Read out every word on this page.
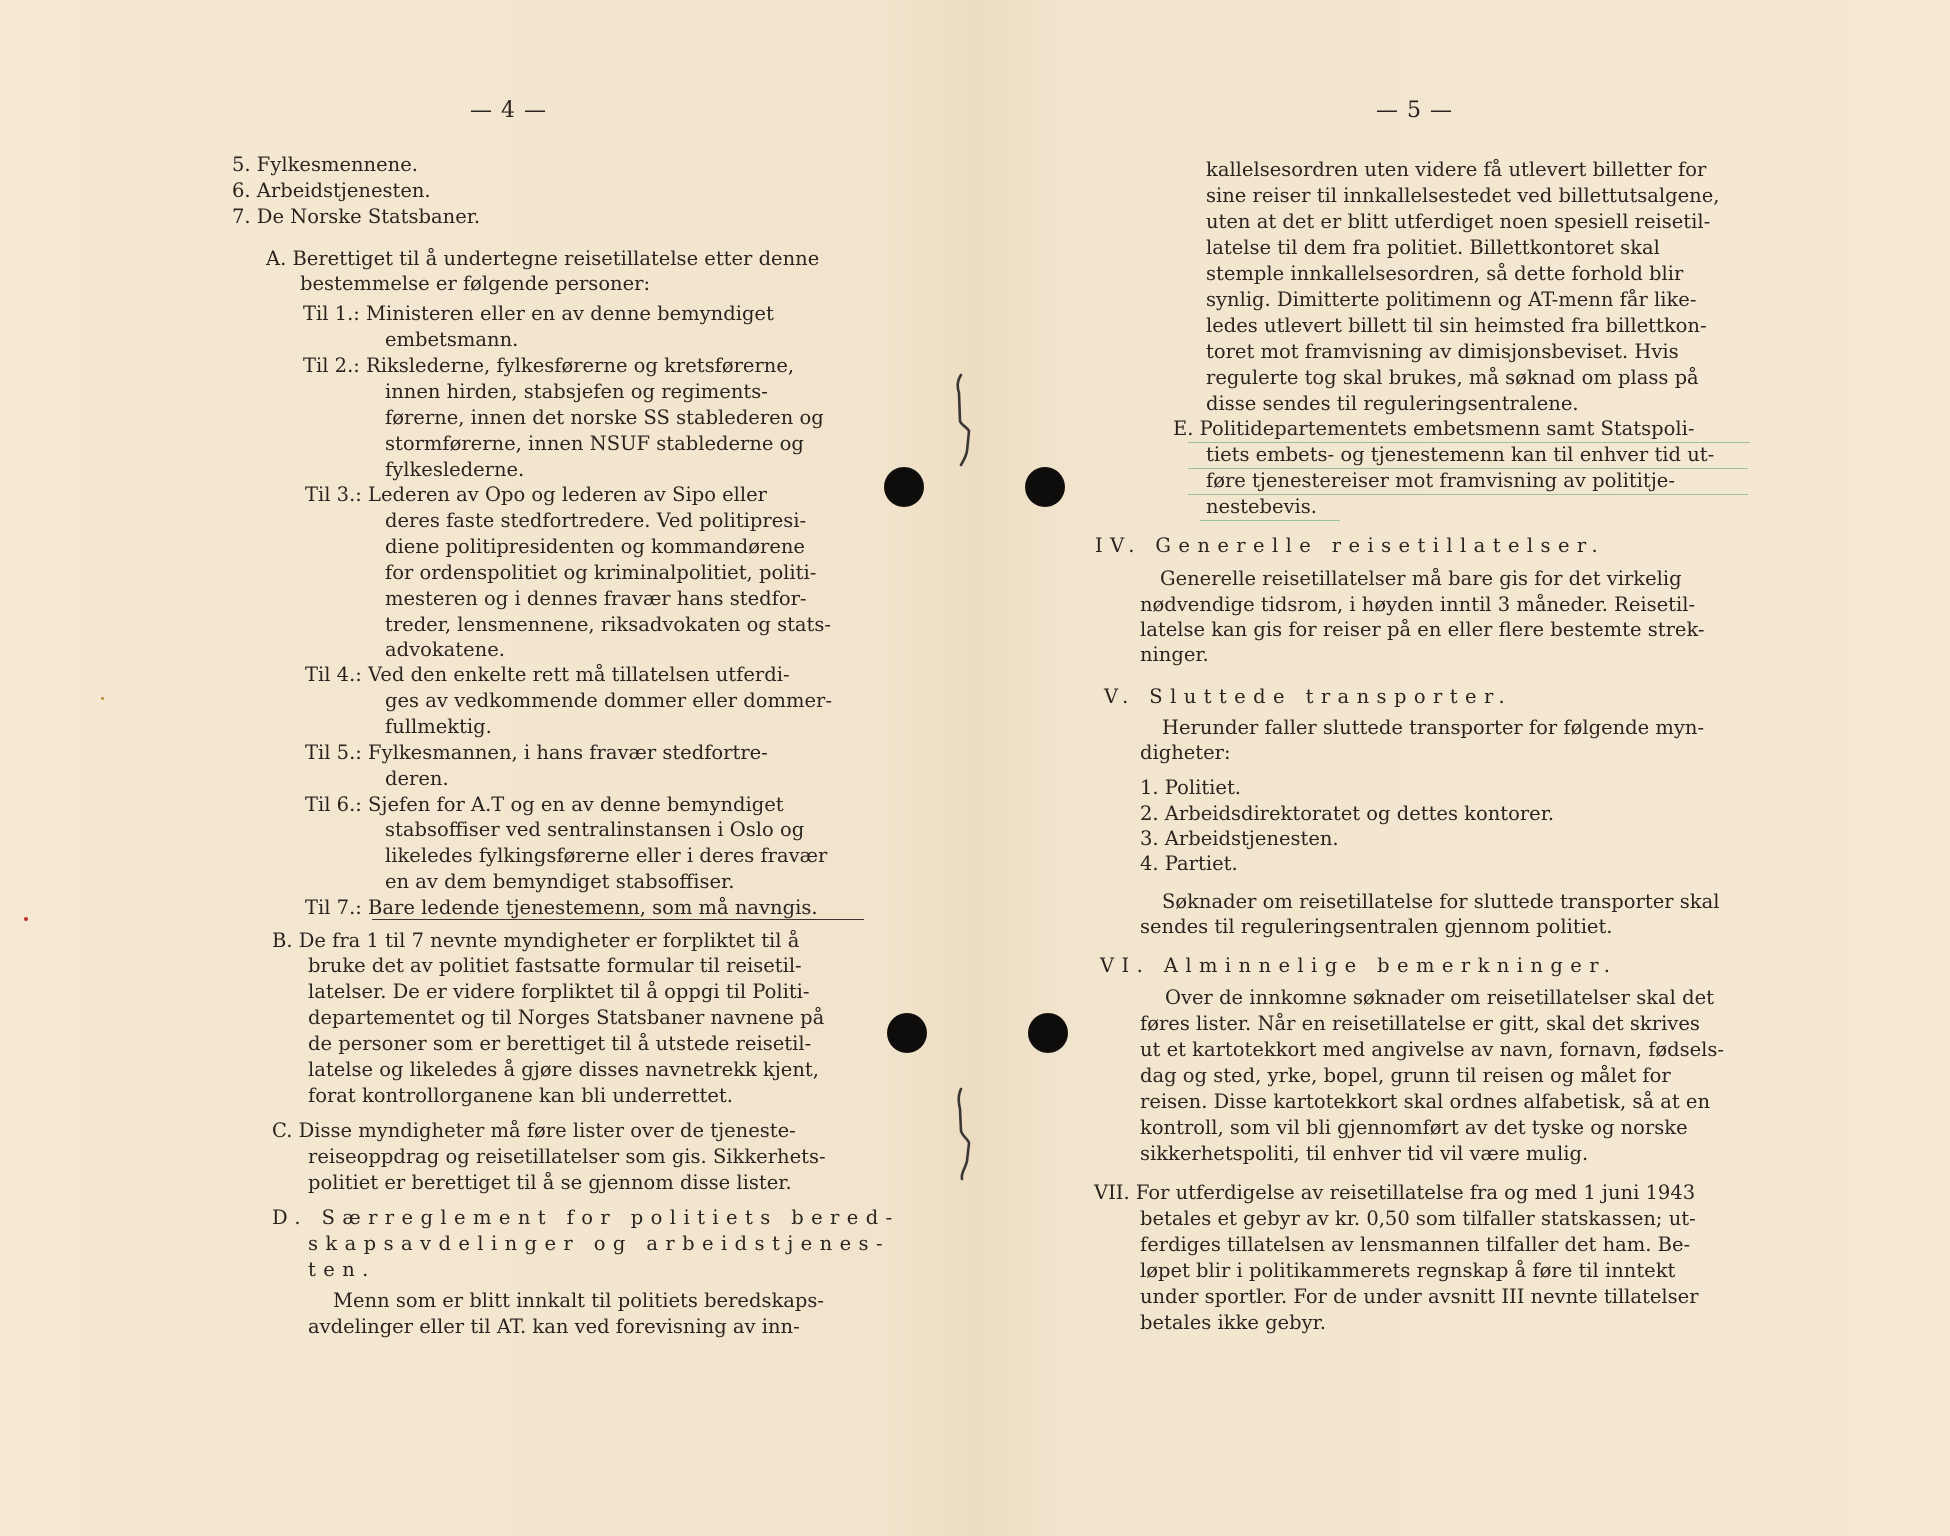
— 4 —	— 5 —
5. Fylkesmennene.
6. Arbeidstjenesten.
7. De Norske Statsbaner.
A. Berettiget til å undertegne reisetillatelse etter denne
bestemmelse er følgende personer:
Til 1.: Ministeren eller en av denne bemyndiget
embetsmann.
Til 2.: Rikslederne, fylkesførerne og kretsførerne,
innen hirden, stabsjefen og regiments-
førerne, innen det norske SS stablederen og
stormførerne, innen NSUF stablederne og
fylkeslederne.
Til 3.: Lederen av Opo og lederen av Sipo eller
deres faste stedfortredere. Ved politipresi-
diene politipresidenten og kommandørene
for ordenspolitiet og kriminalpolitiet, politi-
mesteren og i dennes fravær hans stedfor-
treder, lensmennene, riksadvokaten og stats-
advokatene.
Til 4.: Ved den enkelte rett må tillatelsen utferdi-
ges av vedkommende dommer eller dommer-
fullmektig.
Til 5.: Fylkesmannen, i hans fravær stedfortre-
deren.
Til 6.: Sjefen for A.T og en av denne bemyndiget
stabsoffiser ved sentralinstansen i Oslo og
likeledes fylkingsførerne eller i deres fravær
en av dem bemyndiget stabsoffiser.
Til 7.: Bare ledende tjenestemenn, som må navngis.
B. De fra 1 til 7 nevnte myndigheter er forpliktet til å
bruke det av politiet fastsatte formular til reisetil-
latelser. De er videre forpliktet til å oppgi til Politi-
departementet og til Norges Statsbaner navnene på
de personer som er berettiget til å utstede reisetil-
latelse og likeledes å gjøre disses navnetrekk kjent,
forat kontrollorganene kan bli underrettet.
C. Disse myndigheter må føre lister over de tjeneste-
reiseoppdrag og reisetillatelser som gis. Sikkerhets-
politiet er berettiget til å se gjennom disse lister.
D. Særreglement for politiets bered-
skapsavdelinger og arbeidstjenes-
ten.
Menn som er blitt innkalt til politiets beredskaps-
avdelinger eller til AT. kan ved forevisning av inn-
kallelsesordren uten videre få utlevert billetter for
sine reiser til innkallelsestedet ved billettutsalgene,
uten at det er blitt utferdiget noen spesiell reisetil-
latelse til dem fra politiet. Billettkontoret skal
stemple innkallelsesordren, så dette forhold blir
synlig. Dimitterte politimenn og AT-menn får like-
ledes utlevert billett til sin heimsted fra billettkon-
toret mot framvisning av dimisjonsbeviset. Hvis
regulerte tog skal brukes, må søknad om plass på
disse sendes til reguleringsentralene.
E. Politidepartementets embetsmenn samt Statspoli-
tiets embets- og tjenestemenn kan til enhver tid ut-
føre tjenestereiser mot framvisning av polititje-
nestebevis.
IV. Generelle reisetillatelser.
Generelle reisetillatelser må bare gis for det virkelig
nødvendige tidsrom, i høyden inntil 3 måneder. Reisetil-
latelse kan gis for reiser på en eller flere bestemte strek-
ninger.
V. Sluttede transporter.
Herunder faller sluttede transporter for følgende myn-
digheter:
1. Politiet.
2. Arbeidsdirektoratet og dettes kontorer.
3. Arbeidstjenesten.
4. Partiet.
Søknader om reisetillatelse for sluttede transporter skal
sendes til reguleringsentralen gjennom politiet.
VI. Alminnelige bemerkninger.
Over de innkomne søknader om reisetillatelser skal det
føres lister. Når en reisetillatelse er gitt, skal det skrives
ut et kartotekkort med angivelse av navn, fornavn, fødsels-
dag og sted, yrke, bopel, grunn til reisen og målet for
reisen. Disse kartotekkort skal ordnes alfabetisk, så at en
kontroll, som vil bli gjennomført av det tyske og norske
sikkerhetspoliti, til enhver tid vil være mulig.
VII. For utferdigelse av reisetillatelse fra og med 1 juni 1943
betales et gebyr av kr. 0,50 som tilfaller statskassen; ut-
ferdiges tillatelsen av lensmannen tilfaller det ham. Be-
løpet blir i politikammerets regnskap å føre til inntekt
under sportler. For de under avsnitt III nevnte tillatelser
betales ikke gebyr.
